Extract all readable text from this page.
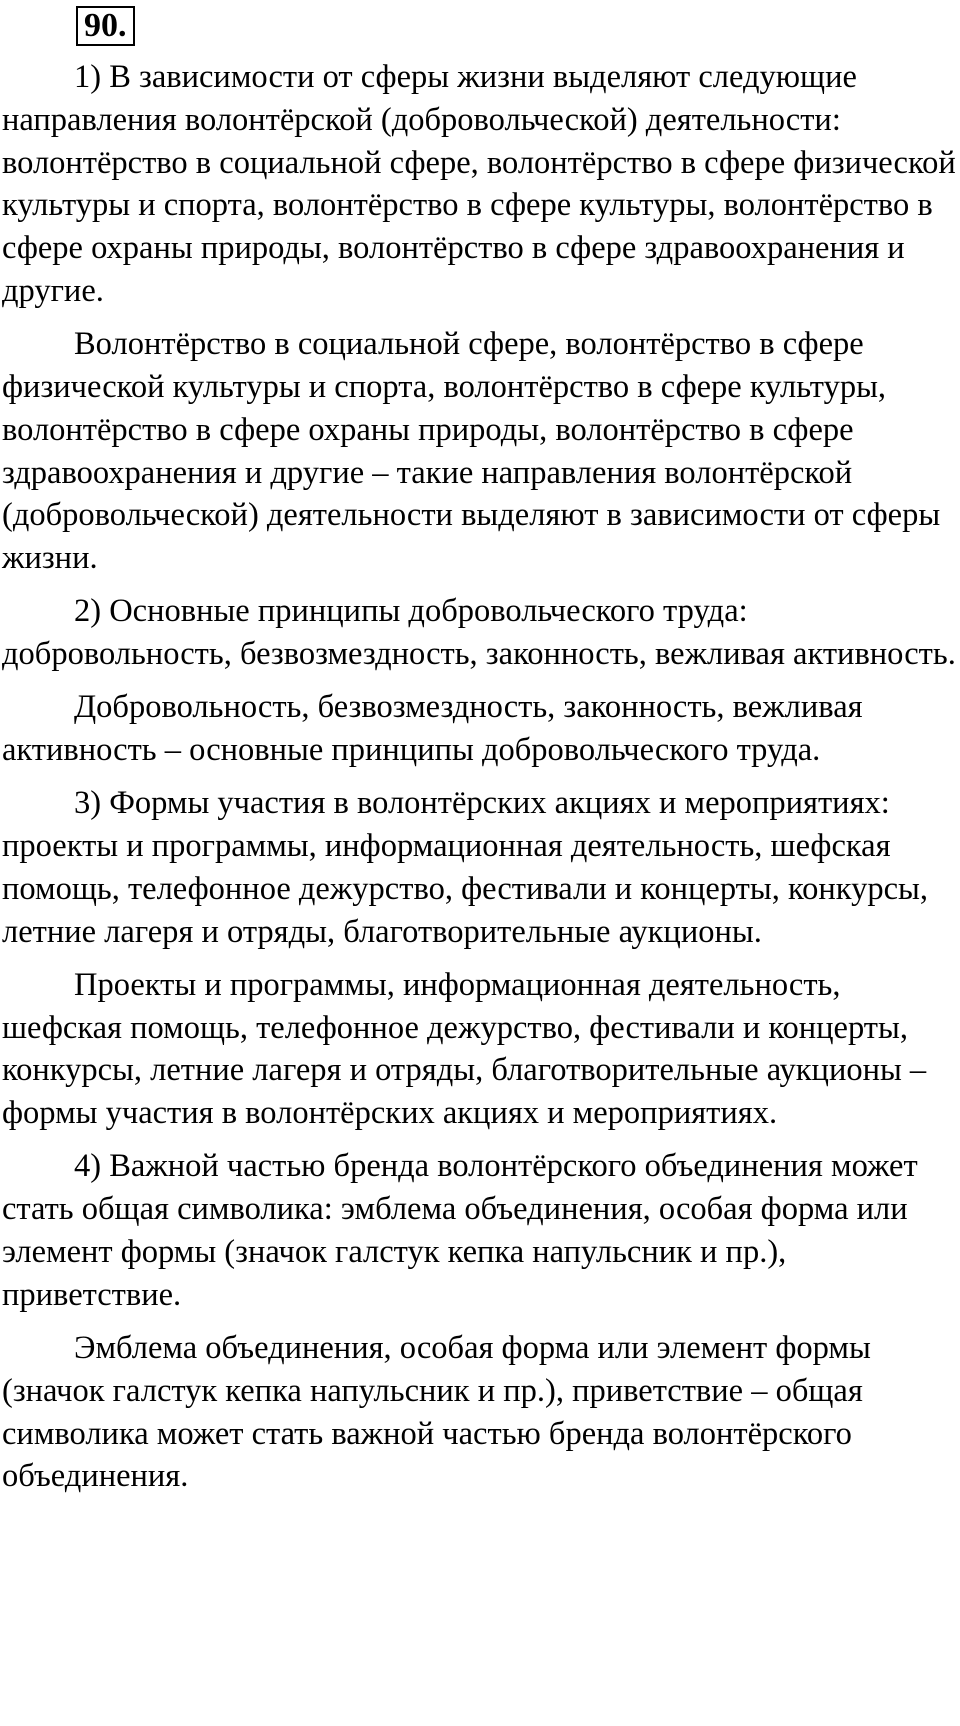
90.

1) В зависимости от сферы жизни выделяют следующие направления волонтёрской (добровольческой) деятельности: волонтёрство в социальной сфере, волонтёрство в сфере физической культуры и спорта, волонтёрство в сфере культуры, волонтёрство в сфере охраны природы, волонтёрство в сфере здравоохранения и другие.

Волонтёрство в социальной сфере, волонтёрство в сфере физической культуры и спорта, волонтёрство в сфере культуры, волонтёрство в сфере охраны природы, волонтёрство в сфере здравоохранения и другие – такие направления волонтёрской (добровольческой) деятельности выделяют в зависимости от сферы жизни.

2) Основные принципы добровольческого труда: добровольность, безвозмездность, законность, вежливая активность.

Добровольность, безвозмездность, законность, вежливая активность – основные принципы добровольческого труда.

3) Формы участия в волонтёрских акциях и мероприятиях: проекты и программы, информационная деятельность, шефская помощь, телефонное дежурство, фестивали и концерты, конкурсы, летние лагеря и отряды, благотворительные аукционы.

Проекты и программы, информационная деятельность, шефская помощь, телефонное дежурство, фестивали и концерты, конкурсы, летние лагеря и отряды, благотворительные аукционы – формы участия в волонтёрских акциях и мероприятиях.

4) Важной частью бренда волонтёрского объединения может стать общая символика: эмблема объединения, особая форма или элемент формы (значок галстук кепка напульсник и пр.), приветствие.

Эмблема объединения, особая форма или элемент формы (значок галстук кепка напульсник и пр.), приветствие – общая символика может стать важной частью бренда волонтёрского объединения.
